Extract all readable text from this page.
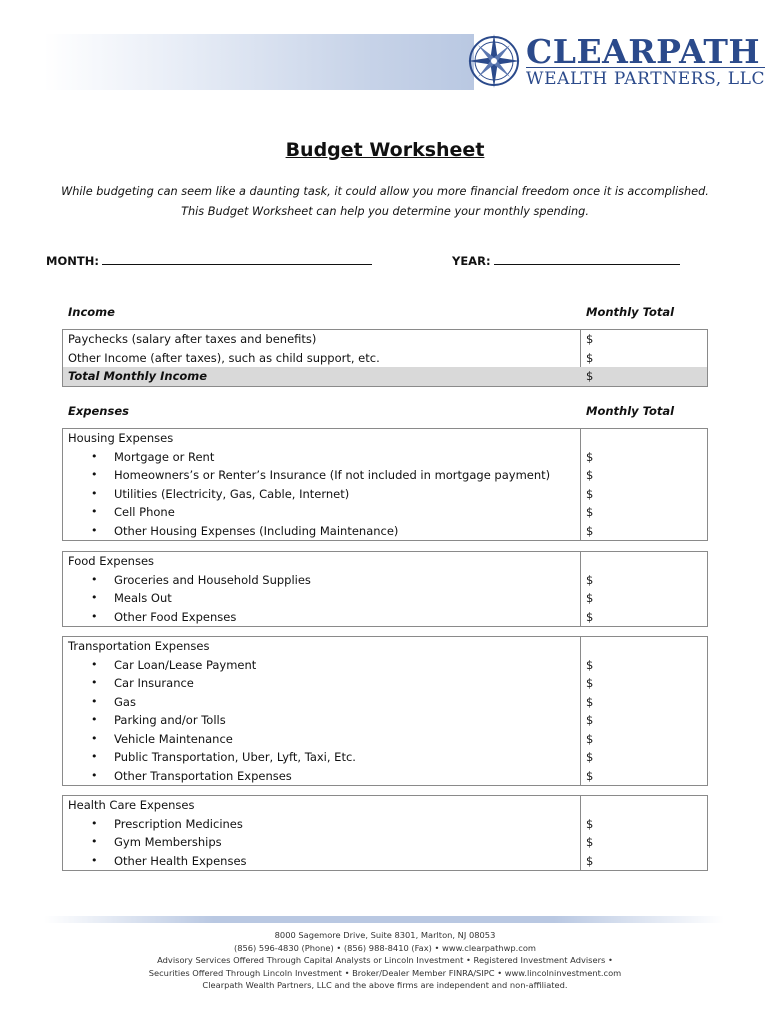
CLEARPATH
WEALTH PARTNERS, LLC
Budget Worksheet
While budgeting can seem like a daunting task, it could allow you more financial freedom once it is accomplished. This Budget Worksheet can help you determine your monthly spending.
MONTH:	YEAR:
Income	Monthly Total
Paychecks (salary after taxes and benefits)	$
Other Income (after taxes), such as child support, etc.	$
Total Monthly Income	$
Expenses	Monthly Total
Housing Expenses
• Mortgage or Rent	$
• Homeowners’s or Renter’s Insurance (If not included in mortgage payment)	$
• Utilities (Electricity, Gas, Cable, Internet)	$
• Cell Phone	$
• Other Housing Expenses (Including Maintenance)	$
Food Expenses
• Groceries and Household Supplies	$
• Meals Out	$
• Other Food Expenses	$
Transportation Expenses
• Car Loan/Lease Payment	$
• Car Insurance	$
• Gas	$
• Parking and/or Tolls	$
• Vehicle Maintenance	$
• Public Transportation, Uber, Lyft, Taxi, Etc.	$
• Other Transportation Expenses	$
Health Care Expenses
• Prescription Medicines	$
• Gym Memberships	$
• Other Health Expenses	$
8000 Sagemore Drive, Suite 8301, Marlton, NJ 08053
(856) 596-4830 (Phone) • (856) 988-8410 (Fax) • www.clearpathwp.com
Advisory Services Offered Through Capital Analysts or Lincoln Investment • Registered Investment Advisers •
Securities Offered Through Lincoln Investment • Broker/Dealer Member FINRA/SIPC • www.lincolninvestment.com
Clearpath Wealth Partners, LLC and the above firms are independent and non-affiliated.
